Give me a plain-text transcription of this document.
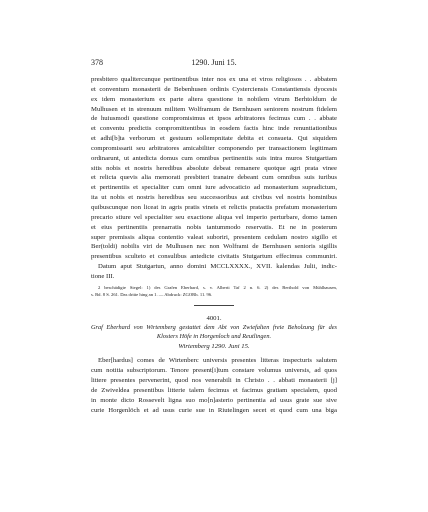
378	1290. Juni 15.
presbitero qualitercunque pertinentibus inter nos ex una et viros religiosos . . abbatem
et conventum monasterii de Bebenhusen ordinis Cysterciensis Constantiensis dyocesis
ex idem monasterium ex parte altera questione in nobilem virum Berhtoldum de
Mulhusen et in strenuum militem Wolframum de Bernhusen seniorem nostrum fidelem
de huiusmodi questione compromisimus et ipsos arbitratores fecimus cum . . abbate
et conventu predictis compromittentibus in eosdem factis hinc inde renuntiationibus
et adhi[b]ta verborum et gestuum sollempnitate debita et consueta. Qui siquidem
compromissarii seu arbitratores amicabiliter componendo per transactionem legitimam
ordinarunt, ut antedicta domus cum omnibus pertinentiis suis intra muros Stutgartiam
sitis nobis et nostris heredibus absolute debeat remanere quotque agri prata vinee
et relicta quevis alia memorati presbiteri tranaire debeant cum omnibus suis iuribus
et pertinentiis et specialiter cum omni iure advocaticio ad monasterium supradictum,
ita ut nobis et nostris heredibus seu successoribus aut civibus vel nostris hominibus
quibuscunque non liceat in agris pratis vineis et relictis pratactis prefatum monasterium
precario stiure vel specialiter seu exactione aliqua vel imperio perturbare, domo tamen
et eius pertinentiis prenarratis nobis tantummodo reservatis. Et ne in posterum
super premissis aliqua contentio valeat suboriri, presentem cedulam nostro sigillo et
Ber(toldi) nobilis viri de Mulhusen nec non Wolframi de Bernhusen senioris sigillis
presentibus sculteto et consulibus antedicte civitatis Stutgartum effecimus communiri.
Datum aput Stutgartun, anno domini MCCLXXXX., XVII. kalendas Julii, indic-
tione III.
2 beschädigte Siegel: 1) des Grafen Eberhard, s. v. Alberti Taf 2 n. 6. 2) des Berthold von Mühlhausen,
s. Bd. 8 S. 261. Das dritte hing an 1. — Abdruck: ZGORh. 11. 96.
4001.
Graf Eberhard von Wirtemberg gestattet dem Abt von Zwiefalten freie Beholzung für des
Klosters Höfe in Horgenloch und Reutlingen.
Wirtemberg 1290. Juni 15.
Eber[hardus] comes de Wirtenberc universis presentes litteras inspecturis salutem
cum notitia subscriptorum. Tenore present[i]tum constare volumus universis, ad quos
littere presentes pervenerint, quod nos venerabili in Christo . . abbati monasterii [j]
de Zwiveldea presentibus litterie talem fecimus et facimus gratiam specialem, quod
in monte dicto Rossevelt ligna suo mo[n]asterio pertinentia ad usus grate sue sive
curie Horgenlöch et ad usus curie sue in Riutelingen secet et quod cum una biga
